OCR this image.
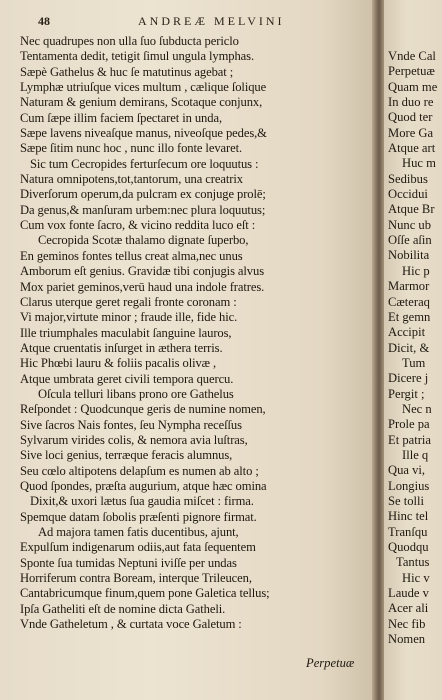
48	ANDREÆ MELVINI
Nec quadrupes non ulla ſuo ſubducta periclo
Tentamenta dedit, tetigit ſimul ungula lymphas.
Sæpè Gathelus & huc ſe matutinus agebat ;
Lymphæ utriuſque vices multum , cælique ſolique
Naturam & genium demirans, Scotaque conjunx,
Cum ſæpe illim faciem ſpectaret in unda,
Sæpe lavens niveaſque manus, niveoſque pedes,&
Sæpe ſitim nunc hoc , nunc illo fonte levaret.
Sic tum Cecropides ferturſecum ore loquutus :
Natura omnipotens,tot,tantorum, una creatrix
Diverſorum operum,da pulcram ex conjuge prolē;
Da genus,& manſuram urbem:nec plura loquutus;
Cum vox fonte ſacro, & vicino reddita luco eſt :
Cecropida Scotæ thalamo dignate ſuperbo,
En geminos fontes tellus creat alma,nec unus
Amborum eſt genius. Gravidæ tibi conjugis alvus
Mox pariet geminos,verū haud una indole fratres.
Clarus uterque geret regali fronte coronam :
Vi major,virtute minor ; fraude ille, fide hic.
Ille triumphales maculabit ſanguine lauros,
Atque cruentatis inſurget in æthera terris.
Hic Phœbi lauru & foliis pacalis olivæ ,
Atque umbrata geret civili tempora quercu.
Oſcula telluri libans prono ore Gathelus
Reſpondet : Quodcunque geris de numine nomen,
Sive ſacros Nais fontes, ſeu Nympha receſſus
Sylvarum virides colis, & nemora avia luſtras,
Sive loci genius, terræque feracis alumnus,
Seu cœlo altipotens delapſum es numen ab alto ;
Quod ſpondes, præſta augurium, atque hæc omina
Dixit,& uxori lætus ſua gaudia miſcet : firma.
Spemque datam ſobolis præſenti pignore firmat.
Ad majora tamen fatis ducentibus, ajunt,
Expulſum indigenarum odiis,aut fata ſequentem
Sponte ſua tumidas Neptuni iviſſe per undas
Horriferum contra Boream, interque Trileucen,
Cantabricumque finum,quem pone Galetica tellus;
Ipſa Gatheliti eſt de nomine dicta Gatheli.
Vnde Gatheletum , & curtata voce Galetum :
Perpetuæ
Vnde Cal
Perpetuæ
Quam me
In duo re
Quod ter
More Ga
Atque art
Huc m
Sedibus
Occidui
Atque Br
Nunc ub
Oſſe aſin
Nobilita
Hic p
Marmor
Cæteraq
Et gemn
Accipit
Dicit, &
Tum
Dicere j
Pergit ;
Nec n
Prole pa
Et patria
Ille q
Qua vi,
Longius
Se tolli
Hinc tel
Tranſqu
Quodqu
Tantus
Hic v
Laude v
Acer ali
Nec fib
Nomen
